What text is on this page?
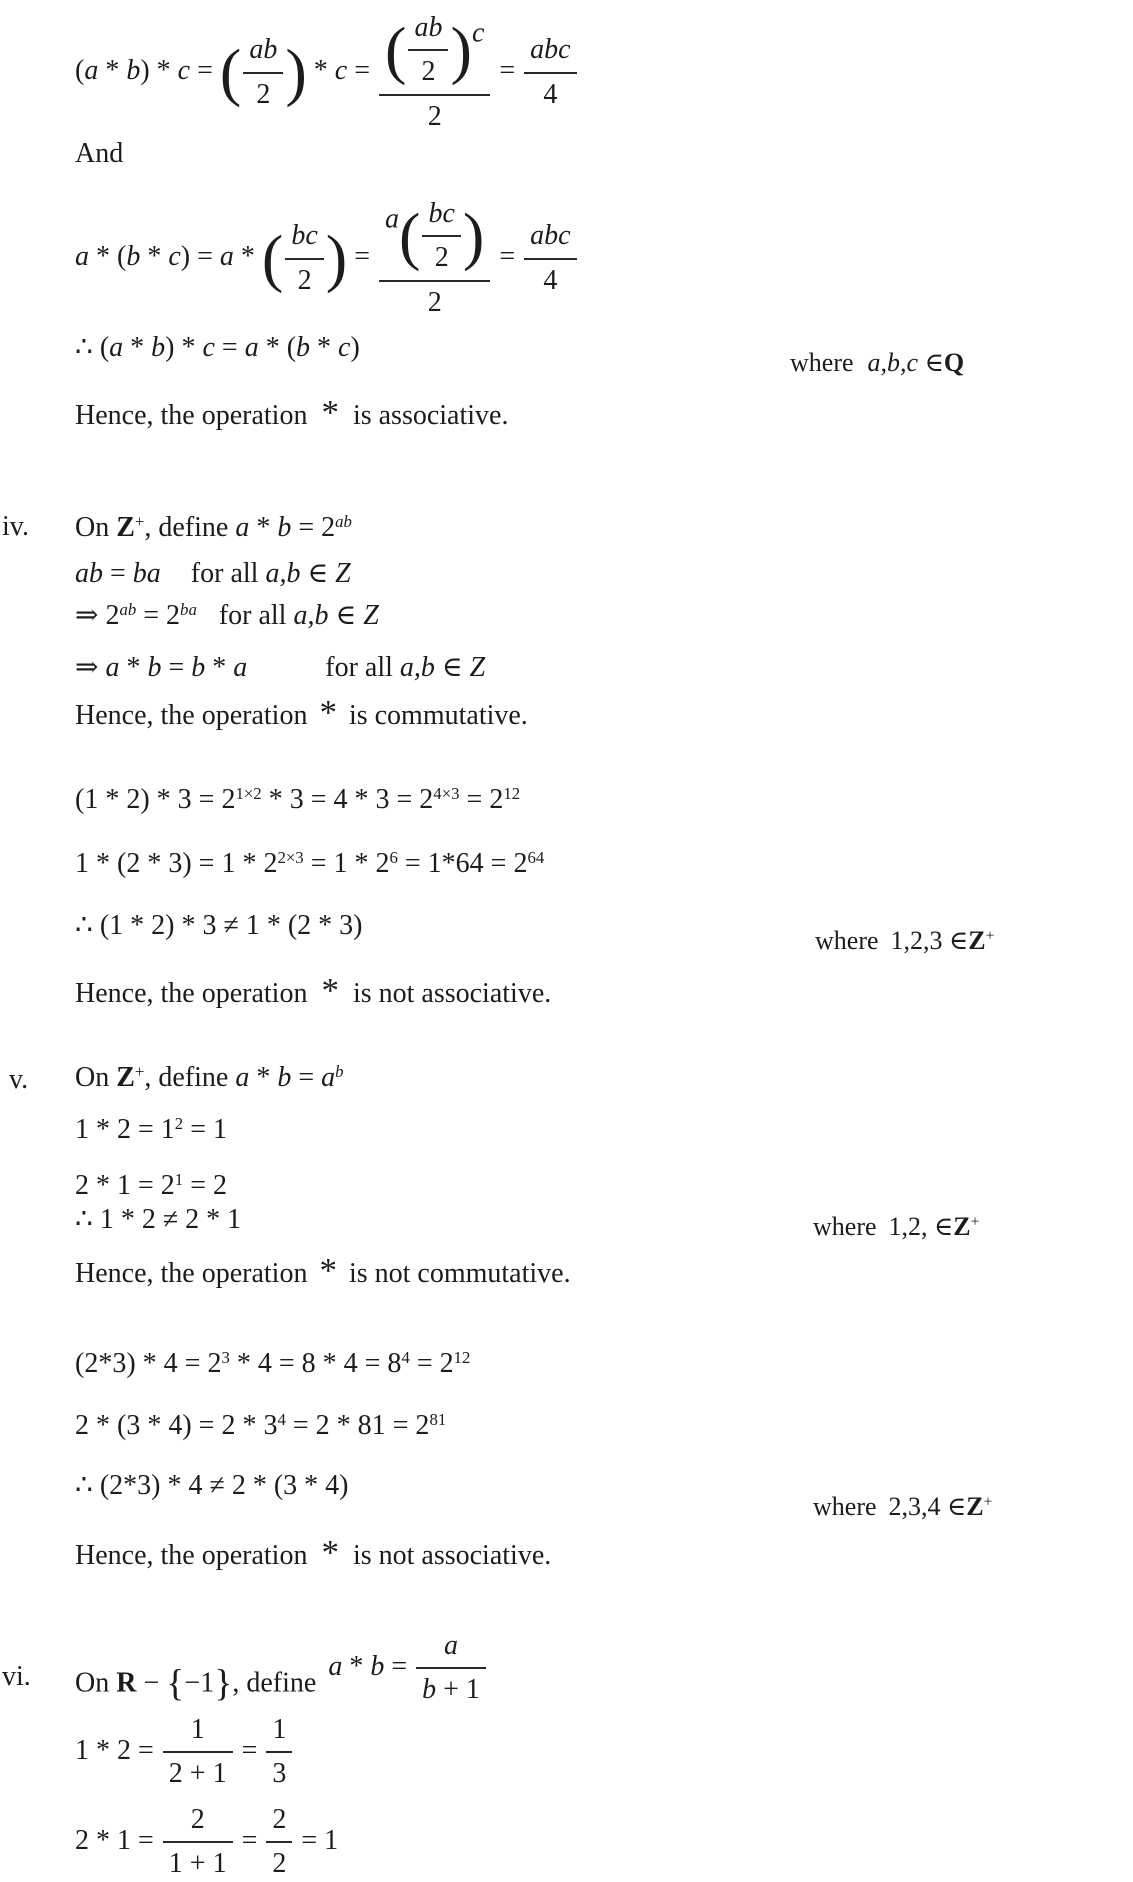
iv.
v.
vi.
(a * b) * c = ( $\frac{ab}{2}$ ) * $c = \frac{( \frac{ab}{2} )c}{2}$ =
abc
4
And
a * (b * c) = a * ( $\frac{bc}{2}$ ) = $\frac{a( \frac{bc}{2} )}{2}$ =
abc
4
∴ (a * b) * c = a * (b * c)	where a,b,c ∈Q
Hence, the operation * is associative.
On Z+, define $a * b = 2^{ab}$
ab = ba for all a,b ∈ Z
⇒ $2^{ab} = 2^{ba}$ for all a,b ∈ Z
⇒ a * b = b * a	for all a,b ∈ Z
Hence, the operation * is commutative.
$(1 * 2) * 3 = 2^{1\times 2} * 3 = 4 * 3 = 2^{4\times 3} = 2^{12}$
$1 * (2 * 3) = 1 * 2^{2\times 3} = 1 * 2^6 = 1*64 = 2^{64}$
∴ (1 * 2) * 3 ≠ 1 * (2 * 3)	where 1,2,3 ∈Z+
Hence, the operation * is not associative.
On Z+, define $a * b = a^b$
$1 * 2 = 1^2 = 1$
$2 * 1 = 2^1 = 2$
∴ 1 * 2 ≠ 2 * 1	where 1,2, ∈Z+
Hence, the operation * is not commutative.
$(2*3) * 4 = 2^3 * 4 = 8 * 4 = 8^4 = 2^{12}$
$2 * (3 * 4) = 2 * 3^4 = 2 * 81 = 2^{81}$
∴ (2*3) * 4 ≠ 2 * (3 * 4)
where 2,3,4 ∈Z+
Hence, the operation * is not associative.
On R − {−1}, definea * $b = \frac{a}{b + 1}$
$1 * 2 = \frac{1}{2 + 1} = \frac{1}{3}$
$2 * 1 = \frac{2}{1 + 1} = \frac{2}{2} = 1$
